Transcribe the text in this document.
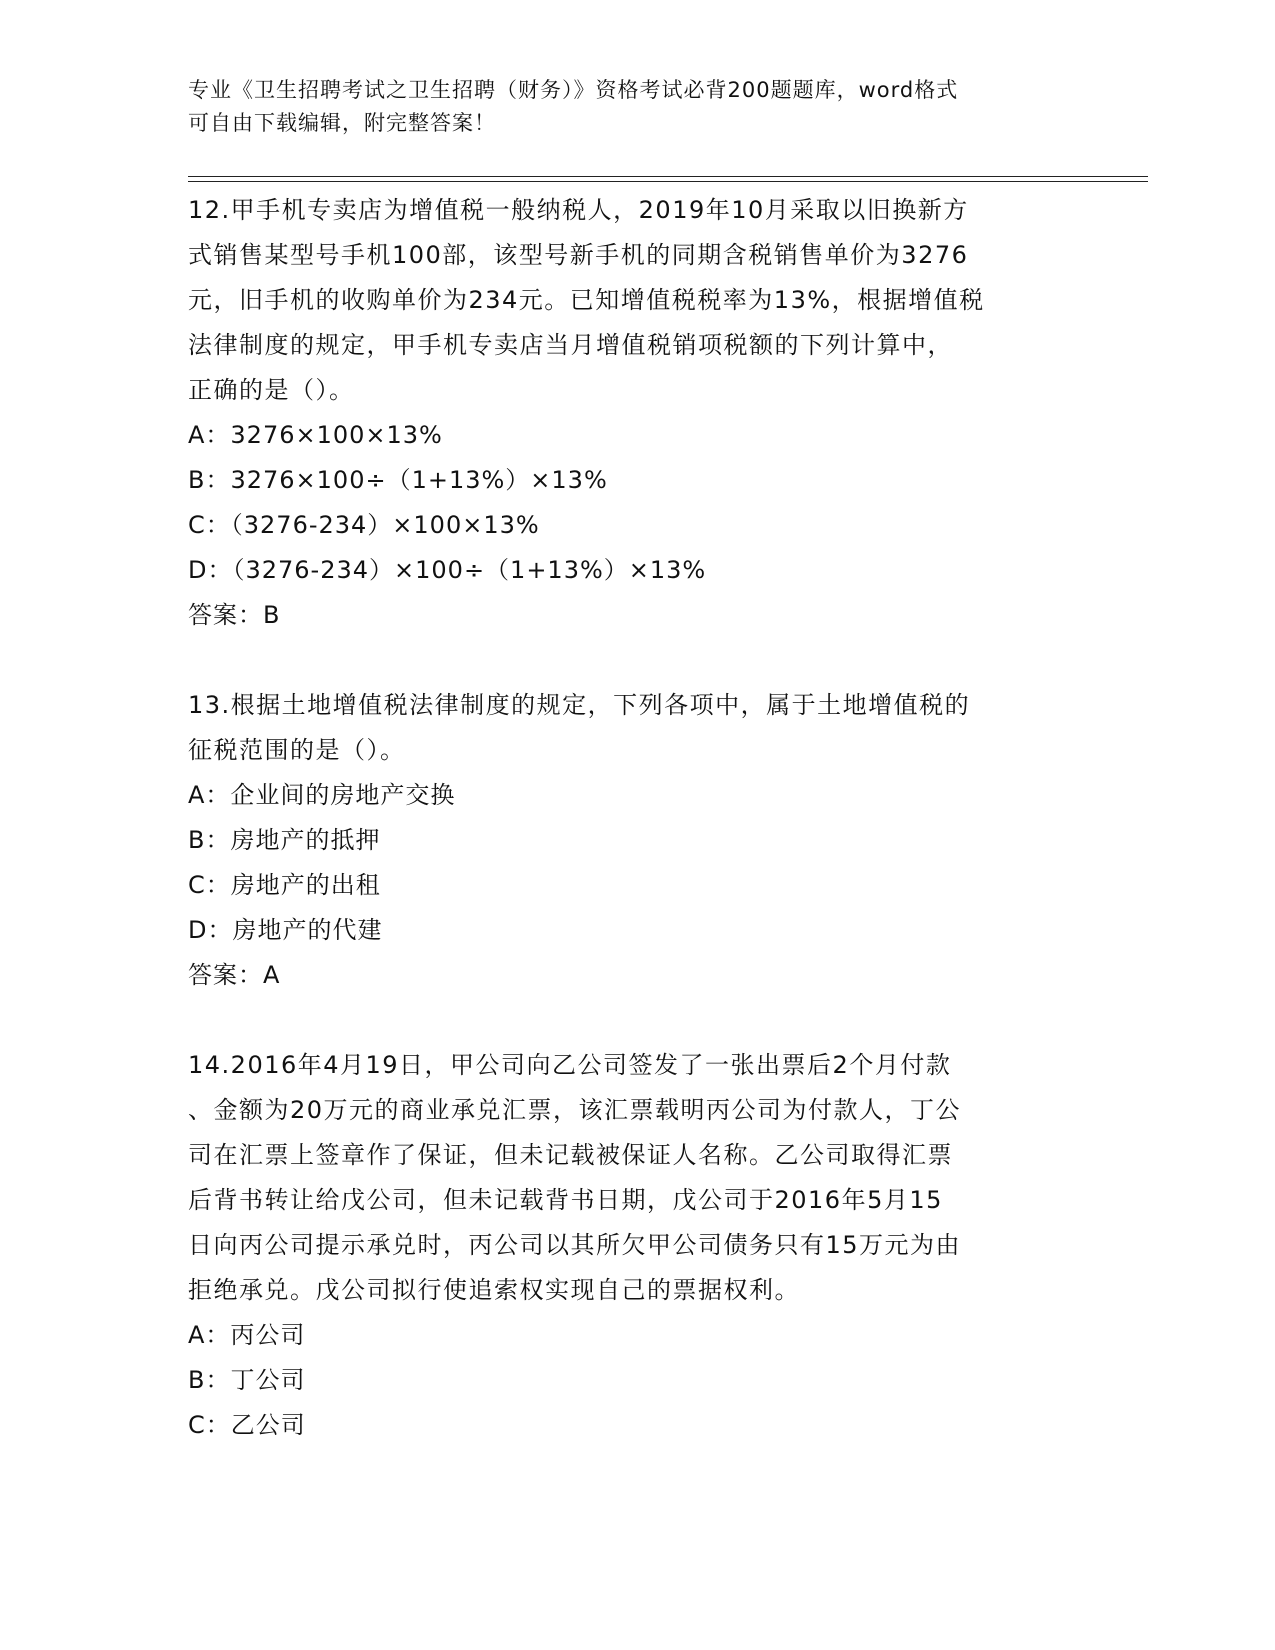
专业《卫生招聘考试之卫生招聘（财务）》资格考试必背200题题库，word格式
可自由下载编辑，附完整答案！

12.甲手机专卖店为增值税一般纳税人，2019年10月采取以旧换新方

式销售某型号手机100部，该型号新手机的同期含税销售单价为3276

元，旧手机的收购单价为234元。已知增值税税率为13%，根据增值税

法律制度的规定，甲手机专卖店当月增值税销项税额的下列计算中，

正确的是（）。

A：3276×100×13%

B：3276×100÷（1+13%）×13%

C：（3276-234）×100×13%

D：（3276-234）×100÷（1+13%）×13%

答案：B

13.根据土地增值税法律制度的规定，下列各项中，属于土地增值税的

征税范围的是（）。

A：企业间的房地产交换

B：房地产的抵押

C：房地产的出租

D：房地产的代建

答案：A

14.2016年4月19日，甲公司向乙公司签发了一张出票后2个月付款

、金额为20万元的商业承兑汇票，该汇票载明丙公司为付款人，丁公

司在汇票上签章作了保证，但未记载被保证人名称。乙公司取得汇票

后背书转让给戊公司，但未记载背书日期，戊公司于2016年5月15

日向丙公司提示承兑时，丙公司以其所欠甲公司债务只有15万元为由

拒绝承兑。戊公司拟行使追索权实现自己的票据权利。

A：丙公司

B：丁公司

C：乙公司
